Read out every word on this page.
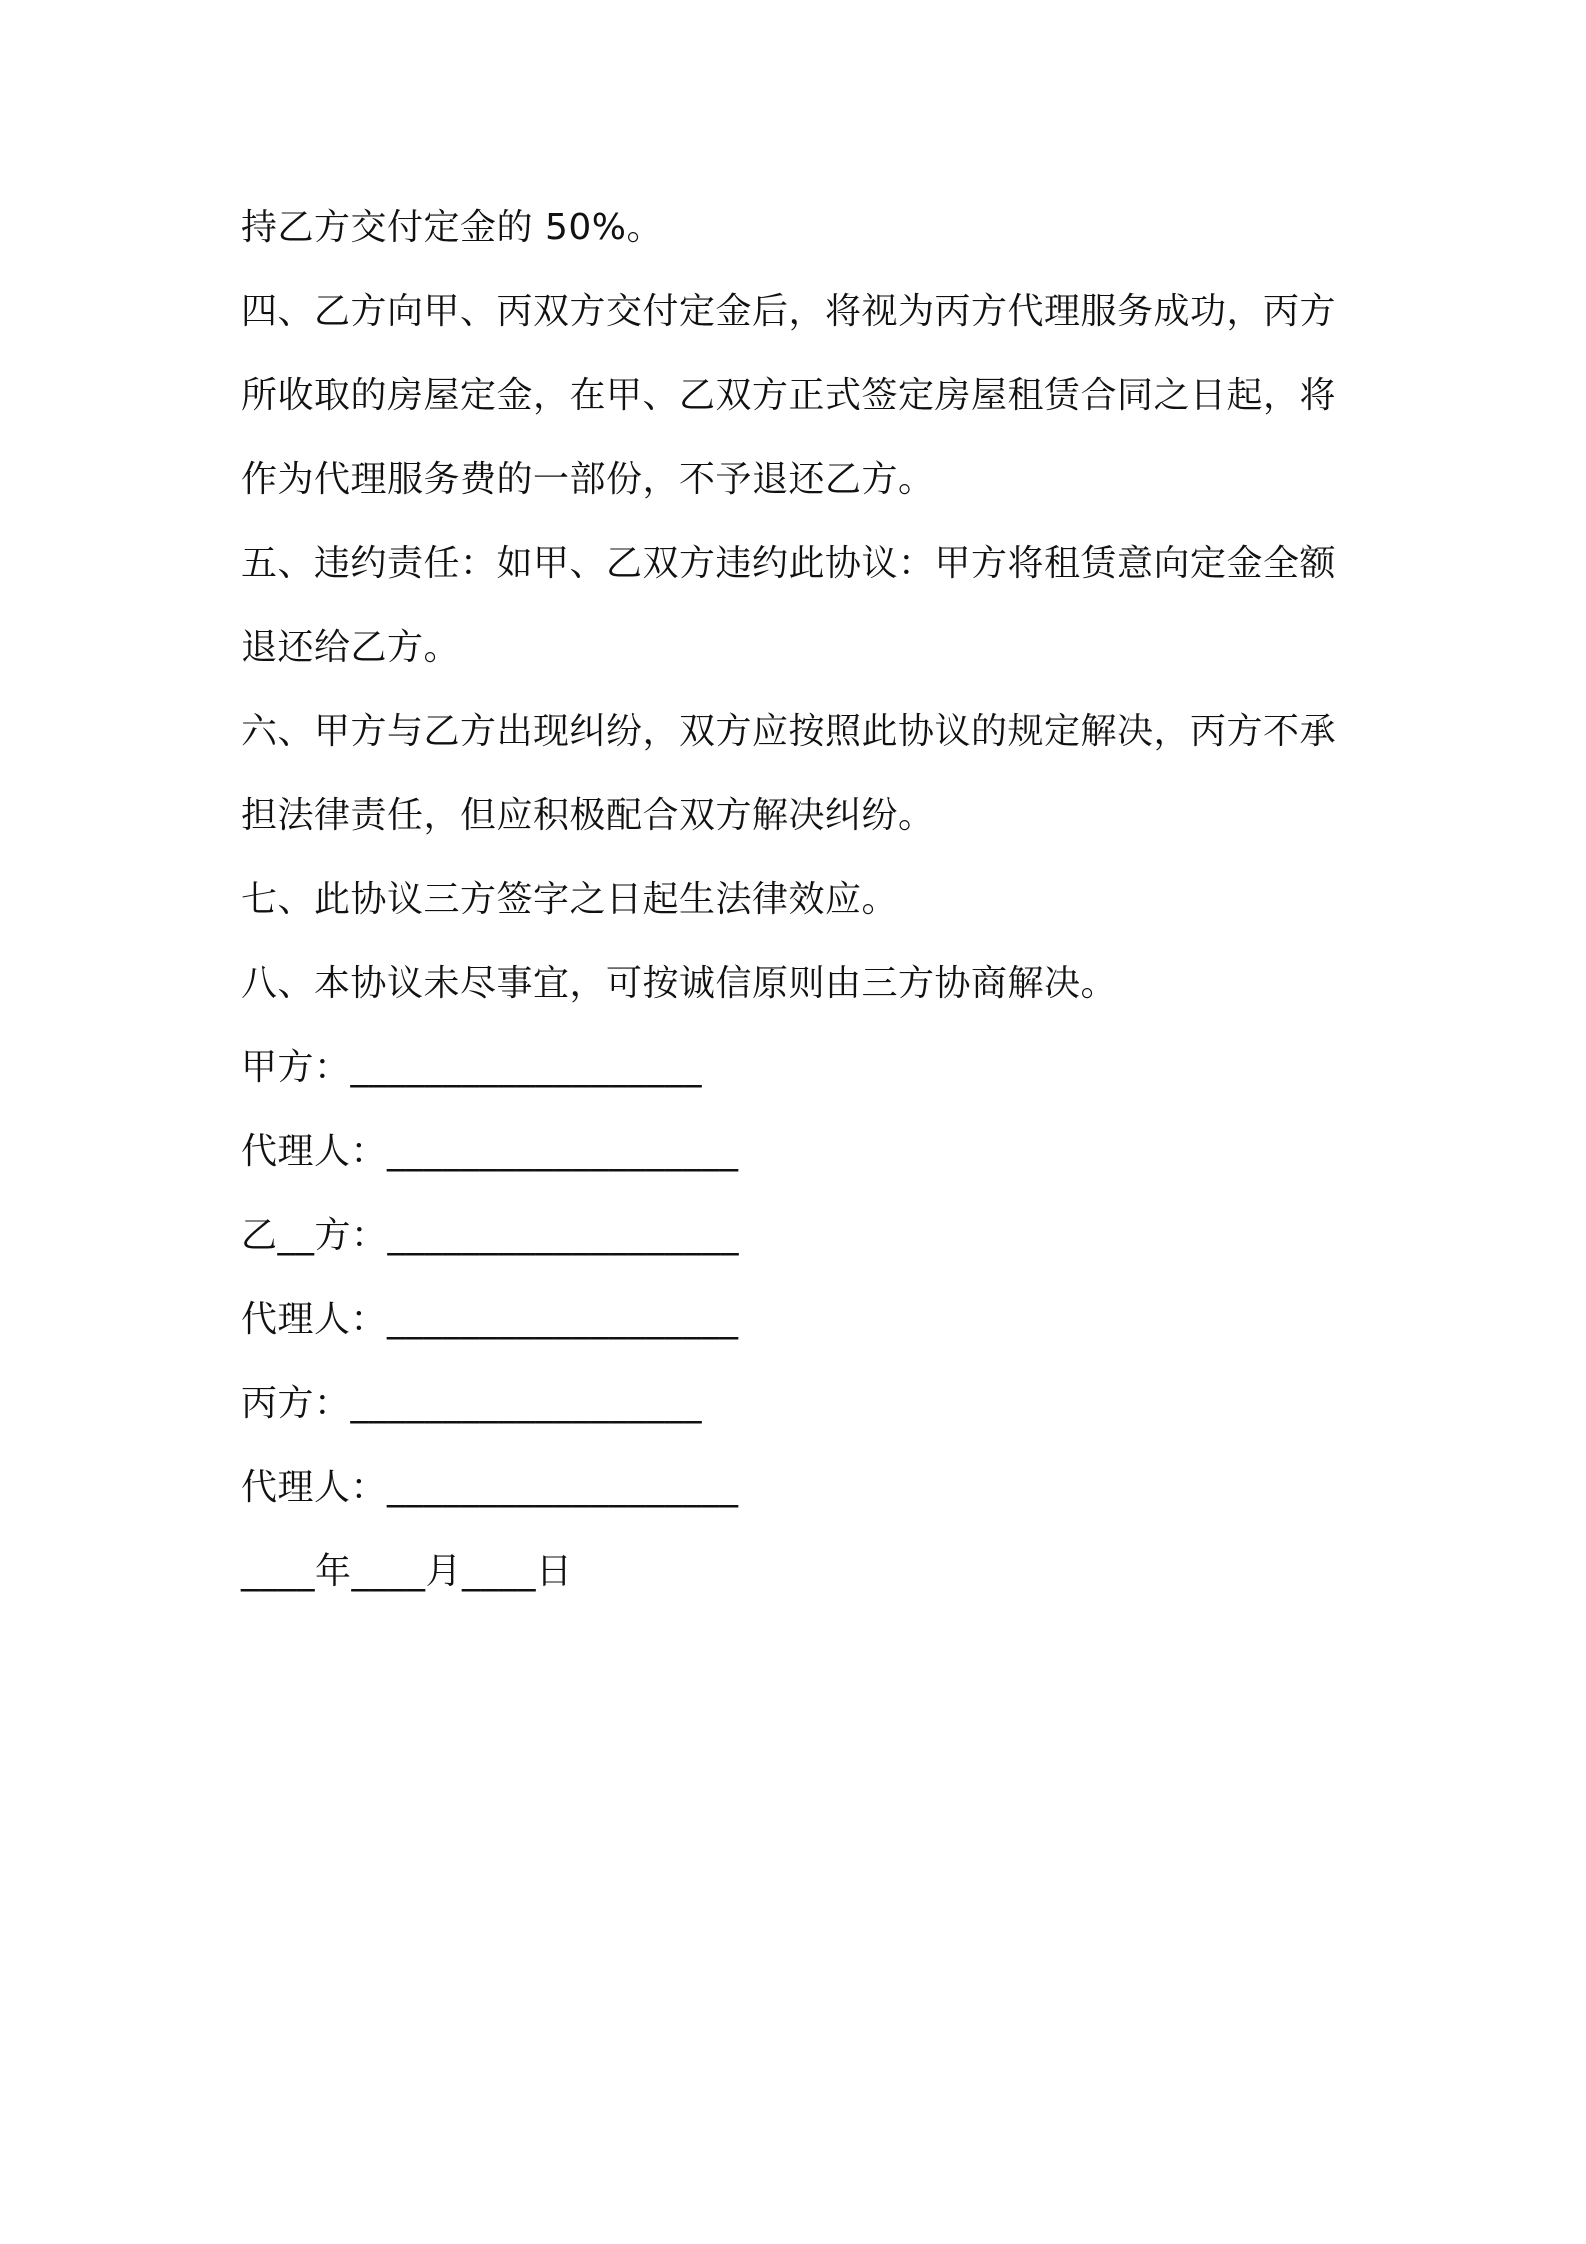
持乙方交付定金的 50%。
四、乙方向甲、丙双方交付定金后，将视为丙方代理服务成功，丙方
所收取的房屋定金，在甲、乙双方正式签定房屋租赁合同之日起，将
作为代理服务费的一部份，不予退还乙方。
五、违约责任：如甲、乙双方违约此协议：甲方将租赁意向定金全额
退还给乙方。
六、甲方与乙方出现纠纷，双方应按照此协议的规定解决，丙方不承
担法律责任，但应积极配合双方解决纠纷。
七、此协议三方签字之日起生法律效应。
八、本协议未尽事宜，可按诚信原则由三方协商解决。
甲方：___________________
代理人：___________________
乙__方：___________________
代理人：___________________
丙方：___________________
代理人：___________________
____年____月____日
